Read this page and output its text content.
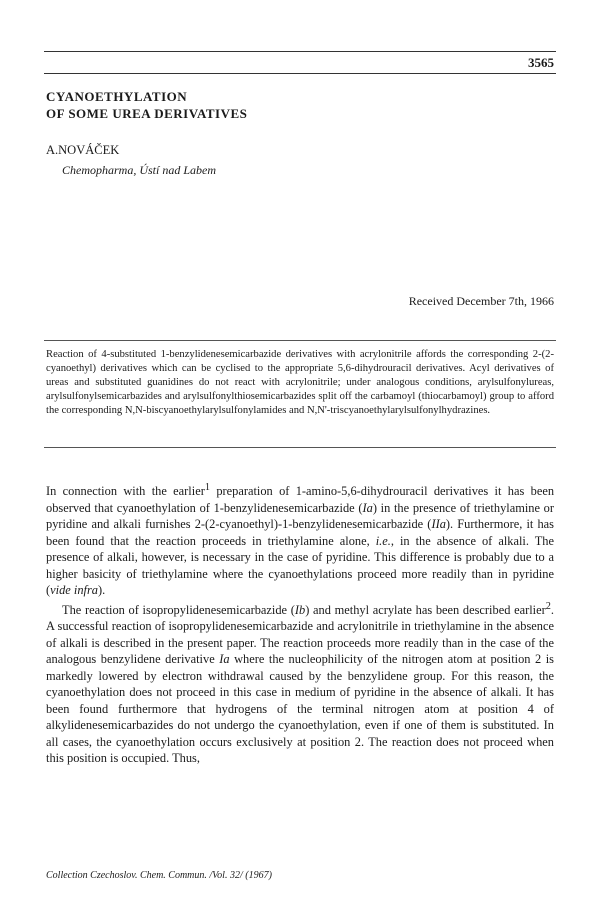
3565
CYANOETHYLATION
OF SOME UREA DERIVATIVES
A.NOVÁČEK
Chemopharma, Ústí nad Labem
Received December 7th, 1966
Reaction of 4-substituted 1-benzylidenesemicarbazide derivatives with acrylonitrile affords the corresponding 2-(2-cyanoethyl) derivatives which can be cyclised to the appropriate 5,6-dihydrouracil derivatives. Acyl derivatives of ureas and substituted guanidines do not react with acrylonitrile; under analogous conditions, arylsulfonylureas, arylsulfonylsemicarbazides and arylsulfonylthiosemicarbazides split off the carbamoyl (thiocarbamoyl) group to afford the corresponding N,N-biscyanoethylarylsulfonylamides and N,N'-triscyanoethylarylsulfonylhydrazines.

In connection with the earlier$^1$ preparation of 1-amino-5,6-dihydrouracil derivatives it has been observed that cyanoethylation of 1-benzylidenesemicarbazide (Ia) in the presence of triethylamine or pyridine and alkali furnishes 2-(2-cyanoethyl)-1-benzylidenesemicarbazide (IIa). Furthermore, it has been found that the reaction proceeds in triethylamine alone, i.e., in the absence of alkali. The presence of alkali, however, is necessary in the case of pyridine. This difference is probably due to a higher basicity of triethylamine where the cyanoethylations proceed more readily than in pyridine (vide infra).

The reaction of isopropylidenesemicarbazide (Ib) and methyl acrylate has been described earlier$^2$. A successful reaction of isopropylidenesemicarbazide and acrylonitrile in triethylamine in the absence of alkali is described in the present paper. The reaction proceeds more readily than in the case of the analogous benzylidene derivative Ia where the nucleophilicity of the nitrogen atom at position 2 is markedly lowered by electron withdrawal caused by the benzylidene group. For this reason, the cyanoethylation does not proceed in this case in medium of pyridine in the absence of alkali. It has been found furthermore that hydrogens of the terminal nitrogen atom at position 4 of alkylidenesemicarbazides do not undergo the cyanoethylation, even if one of them is substituted. In all cases, the cyanoethylation occurs exclusively at position 2. The reaction does not proceed when this position is occupied. Thus,

Collection Czechoslov. Chem. Commun. /Vol. 32/ (1967)
